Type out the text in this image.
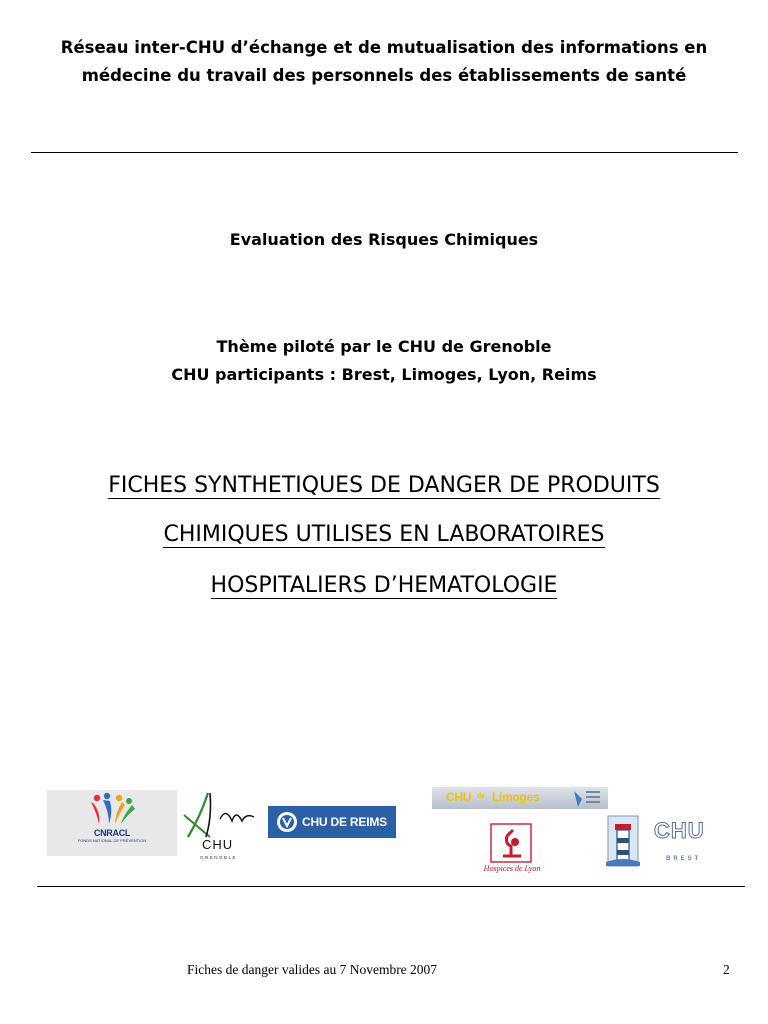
Réseau inter-CHU d’échange et de mutualisation des informations en
médecine du travail des personnels des établissements de santé
Evaluation des Risques Chimiques
Thème piloté par le CHU de Grenoble
CHU participants : Brest, Limoges, Lyon, Reims
FICHES SYNTHETIQUES DE DANGER DE PRODUITS
CHIMIQUES UTILISES EN LABORATOIRES
HOSPITALIERS D’HEMATOLOGIE
CNRACL
FONDS NATIONAL DE PRÉVENTION	CHU
GRENOBLE
CHU DE REIMS
CHU de Limoges
Hospices de Lyon
CHU
BREST
Fiches de danger valides au 7 Novembre 2007	2
